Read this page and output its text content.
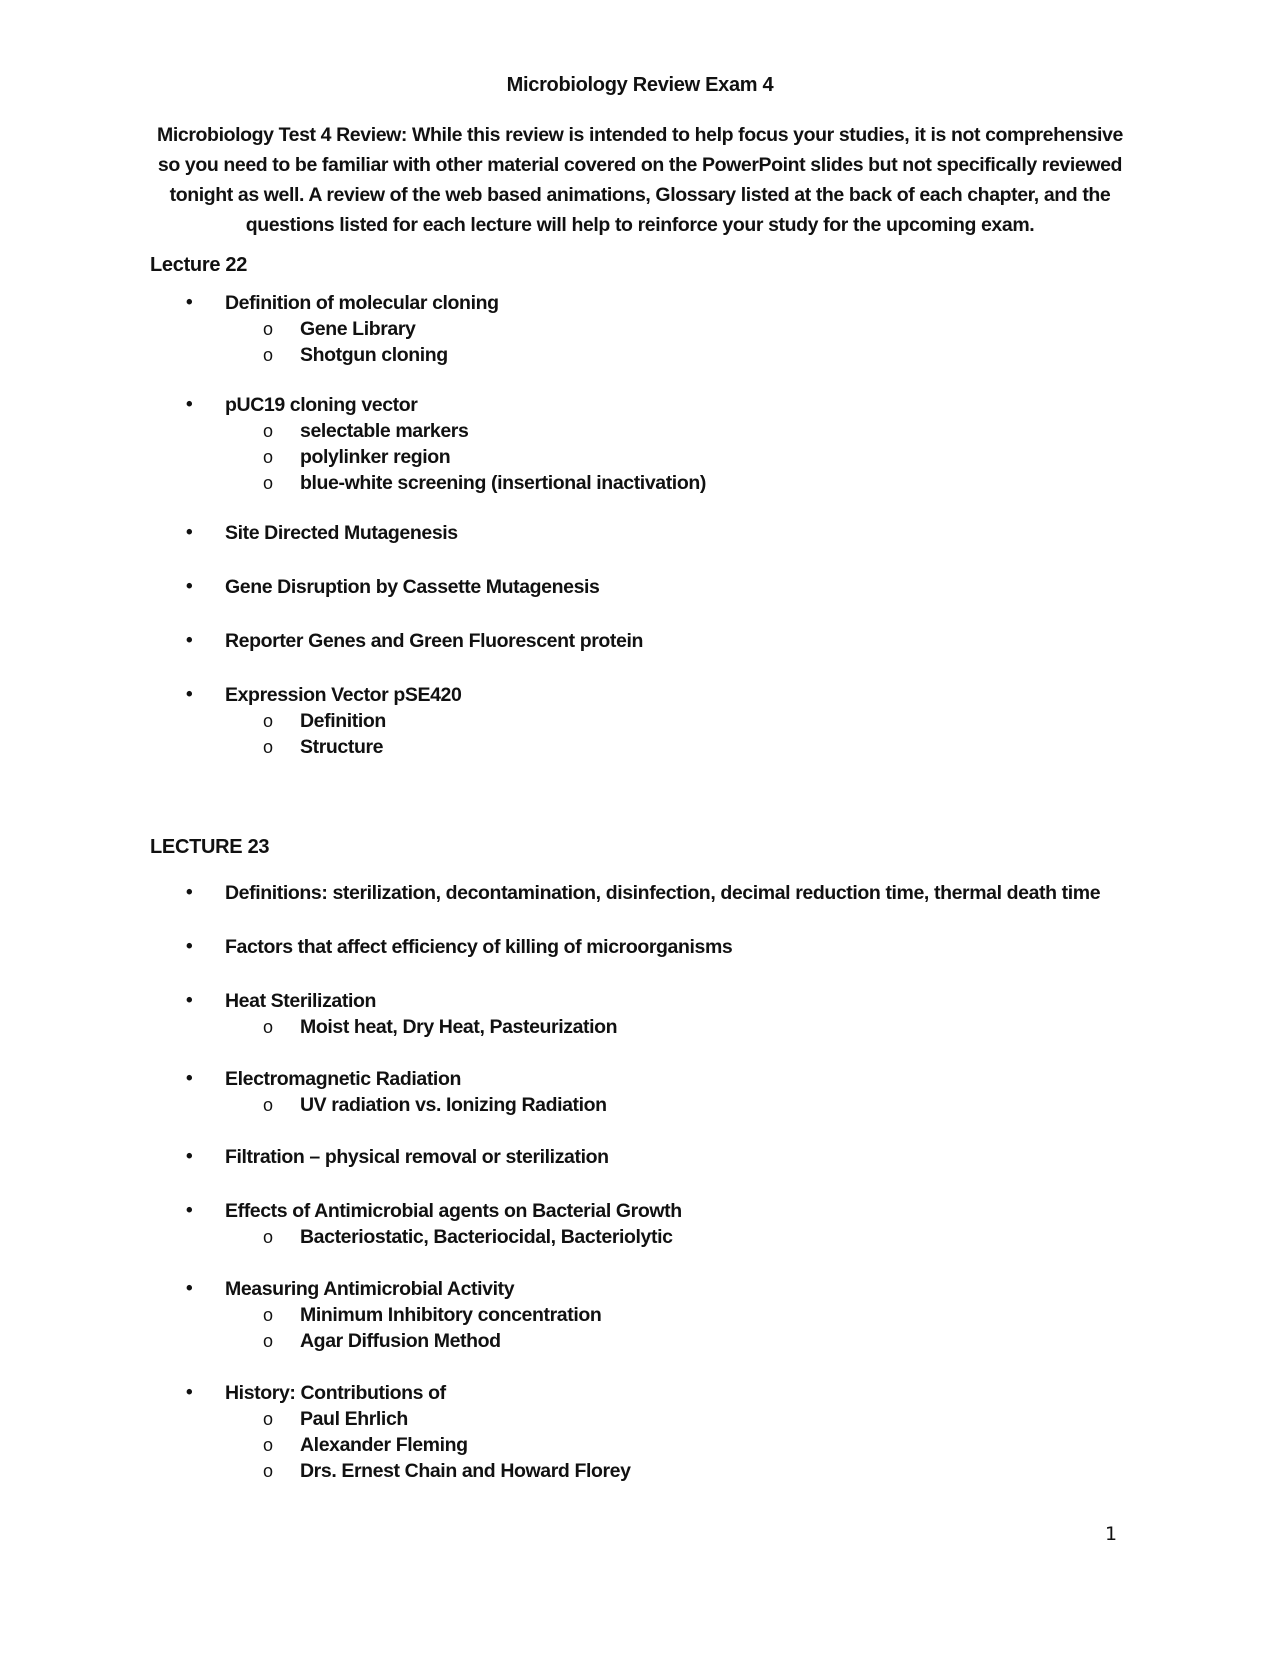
Microbiology Review Exam 4
Microbiology Test 4 Review: While this review is intended to help focus your studies, it is not comprehensive so you need to be familiar with other material covered on the PowerPoint slides but not specifically reviewed tonight as well. A review of the web based animations, Glossary listed at the back of each chapter, and the questions listed for each lecture will help to reinforce your study for the upcoming exam.

Lecture 22

• Definition of molecular cloning
o Gene Library
o Shotgun cloning
• pUC19 cloning vector
o selectable markers
o polylinker region
o blue-white screening (insertional inactivation)
• Site Directed Mutagenesis
• Gene Disruption by Cassette Mutagenesis
• Reporter Genes and Green Fluorescent protein
• Expression Vector pSE420
o Definition
o Structure

LECTURE 23

• Definitions: sterilization, decontamination, disinfection, decimal reduction time, thermal death time
• Factors that affect efficiency of killing of microorganisms
• Heat Sterilization
o Moist heat, Dry Heat, Pasteurization
• Electromagnetic Radiation
o UV radiation vs. Ionizing Radiation
• Filtration – physical removal or sterilization
• Effects of Antimicrobial agents on Bacterial Growth
o Bacteriostatic, Bacteriocidal, Bacteriolytic
• Measuring Antimicrobial Activity
o Minimum Inhibitory concentration
o Agar Diffusion Method
• History: Contributions of
o Paul Ehrlich
o Alexander Fleming
o Drs. Ernest Chain and Howard Florey
1
